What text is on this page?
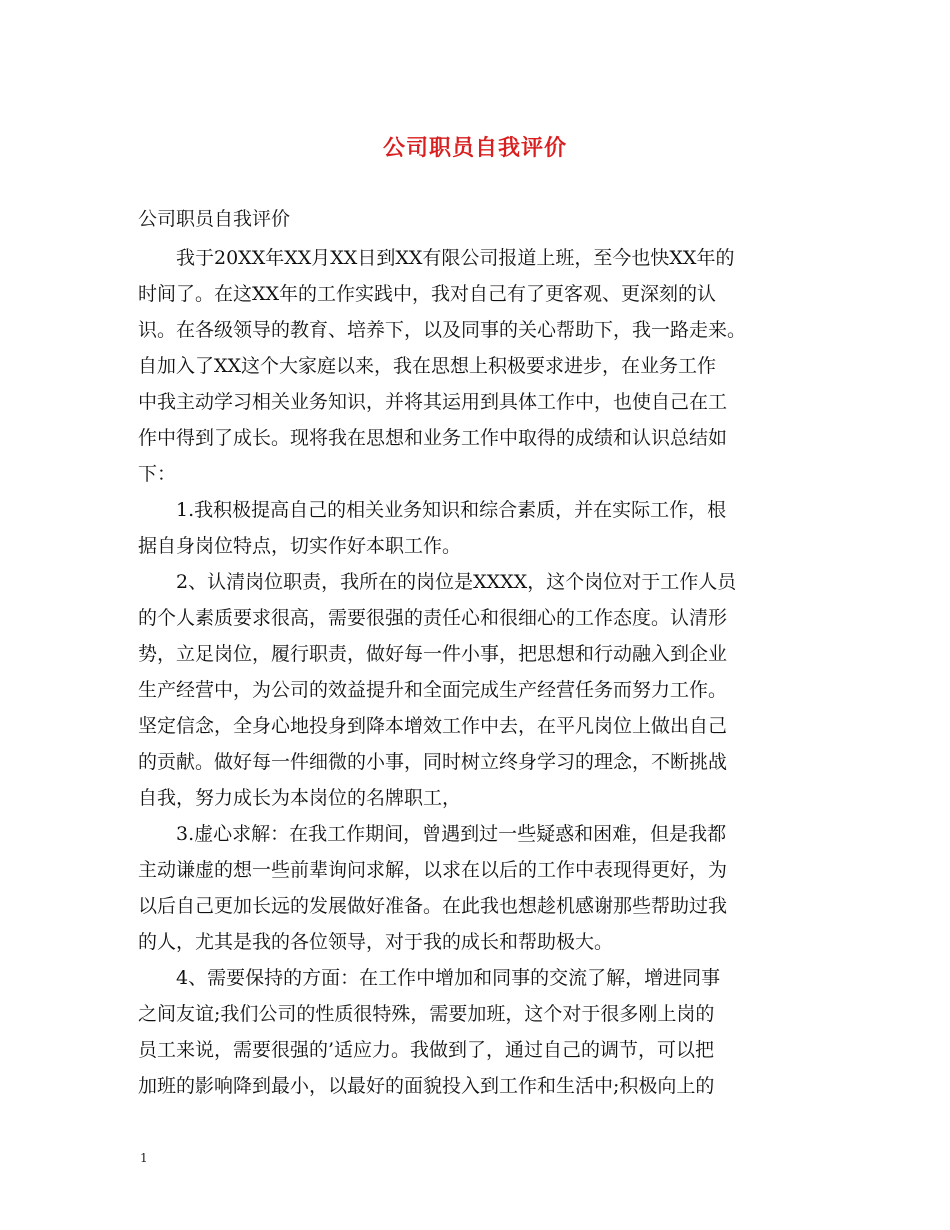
公司职员自我评价

公司职员自我评价

我于20XX年XX月XX日到XX有限公司报道上班，至今也快XX年的
时间了。在这XX年的工作实践中，我对自己有了更客观、更深刻的认
识。在各级领导的教育、培养下，以及同事的关心帮助下，我一路走来。
自加入了XX这个大家庭以来，我在思想上积极要求进步，在业务工作
中我主动学习相关业务知识，并将其运用到具体工作中，也使自己在工
作中得到了成长。现将我在思想和业务工作中取得的成绩和认识总结如
下：
1.我积极提高自己的相关业务知识和综合素质，并在实际工作，根
据自身岗位特点，切实作好本职工作。
2、认清岗位职责，我所在的岗位是XXXX，这个岗位对于工作人员
的个人素质要求很高，需要很强的责任心和很细心的工作态度。认清形
势，立足岗位，履行职责，做好每一件小事，把思想和行动融入到企业
生产经营中，为公司的效益提升和全面完成生产经营任务而努力工作。
坚定信念，全身心地投身到降本增效工作中去，在平凡岗位上做出自己
的贡献。做好每一件细微的小事，同时树立终身学习的理念，不断挑战
自我，努力成长为本岗位的名牌职工，
3.虚心求解：在我工作期间，曾遇到过一些疑惑和困难，但是我都
主动谦虚的想一些前辈询问求解，以求在以后的工作中表现得更好，为
以后自己更加长远的发展做好准备。在此我也想趁机感谢那些帮助过我
的人，尤其是我的各位领导，对于我的成长和帮助极大。
4、需要保持的方面：在工作中增加和同事的交流了解，增进同事
之间友谊;我们公司的性质很特殊，需要加班，这个对于很多刚上岗的
员工来说，需要很强的’适应力。我做到了，通过自己的调节，可以把
加班的影响降到最小，以最好的面貌投入到工作和生活中;积极向上的
1
